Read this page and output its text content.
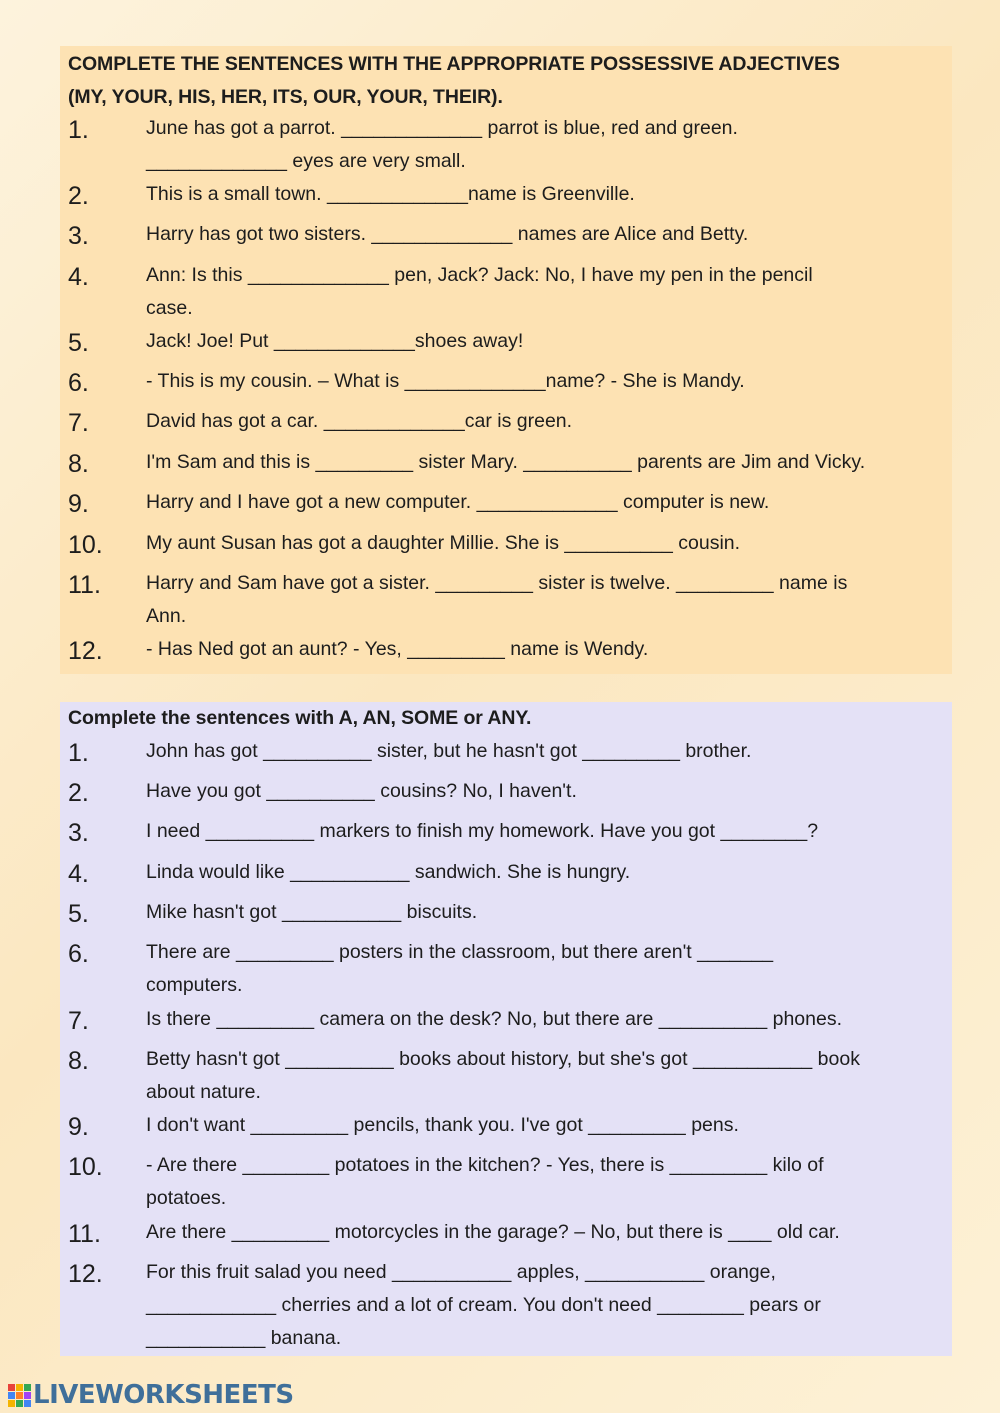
COMPLETE THE SENTENCES WITH THE APPROPRIATE POSSESSIVE ADJECTIVES
(MY, YOUR, HIS, HER, ITS, OUR, YOUR, THEIR).

1.	June has got a parrot. _____________ parrot is blue, red and green.
_____________ eyes are very small.
2.	This is a small town. _____________name is Greenville.
3.	Harry has got two sisters. _____________ names are Alice and Betty.
4.	Ann: Is this _____________ pen, Jack? Jack: No, I have my pen in the pencil
case.
5.	Jack! Joe! Put _____________shoes away!
6.	- This is my cousin. – What is _____________name? - She is Mandy.
7.	David has got a car. _____________car is green.
8.	I'm Sam and this is _________ sister Mary. __________ parents are Jim and Vicky.
9.	Harry and I have got a new computer. _____________ computer is new.
10. My aunt Susan has got a daughter Millie. She is __________ cousin.
11. Harry and Sam have got a sister. _________ sister is twelve. _________ name is
Ann.
12. - Has Ned got an aunt? - Yes, _________ name is Wendy.

Complete the sentences with A, AN, SOME or ANY.

1.	John has got __________ sister, but he hasn't got _________ brother.
2.	Have you got __________ cousins? No, I haven't.
3.	I need __________ markers to finish my homework. Have you got ________?
4.	Linda would like ___________ sandwich. She is hungry.
5.	Mike hasn't got ___________ biscuits.
6.	There are _________ posters in the classroom, but there aren't _______
computers.
7.	Is there _________ camera on the desk? No, but there are __________ phones.
8.	Betty hasn't got __________ books about history, but she's got ___________ book
about nature.
9.	I don't want _________ pencils, thank you. I've got _________ pens.
10. - Are there ________ potatoes in the kitchen? - Yes, there is _________ kilo of
potatoes.
11. Are there _________ motorcycles in the garage? – No, but there is ____ old car.
12. For this fruit salad you need ___________ apples, ___________ orange,
____________ cherries and a lot of cream. You don't need ________ pears or
___________ banana.
LIVEWORKSHEETS
